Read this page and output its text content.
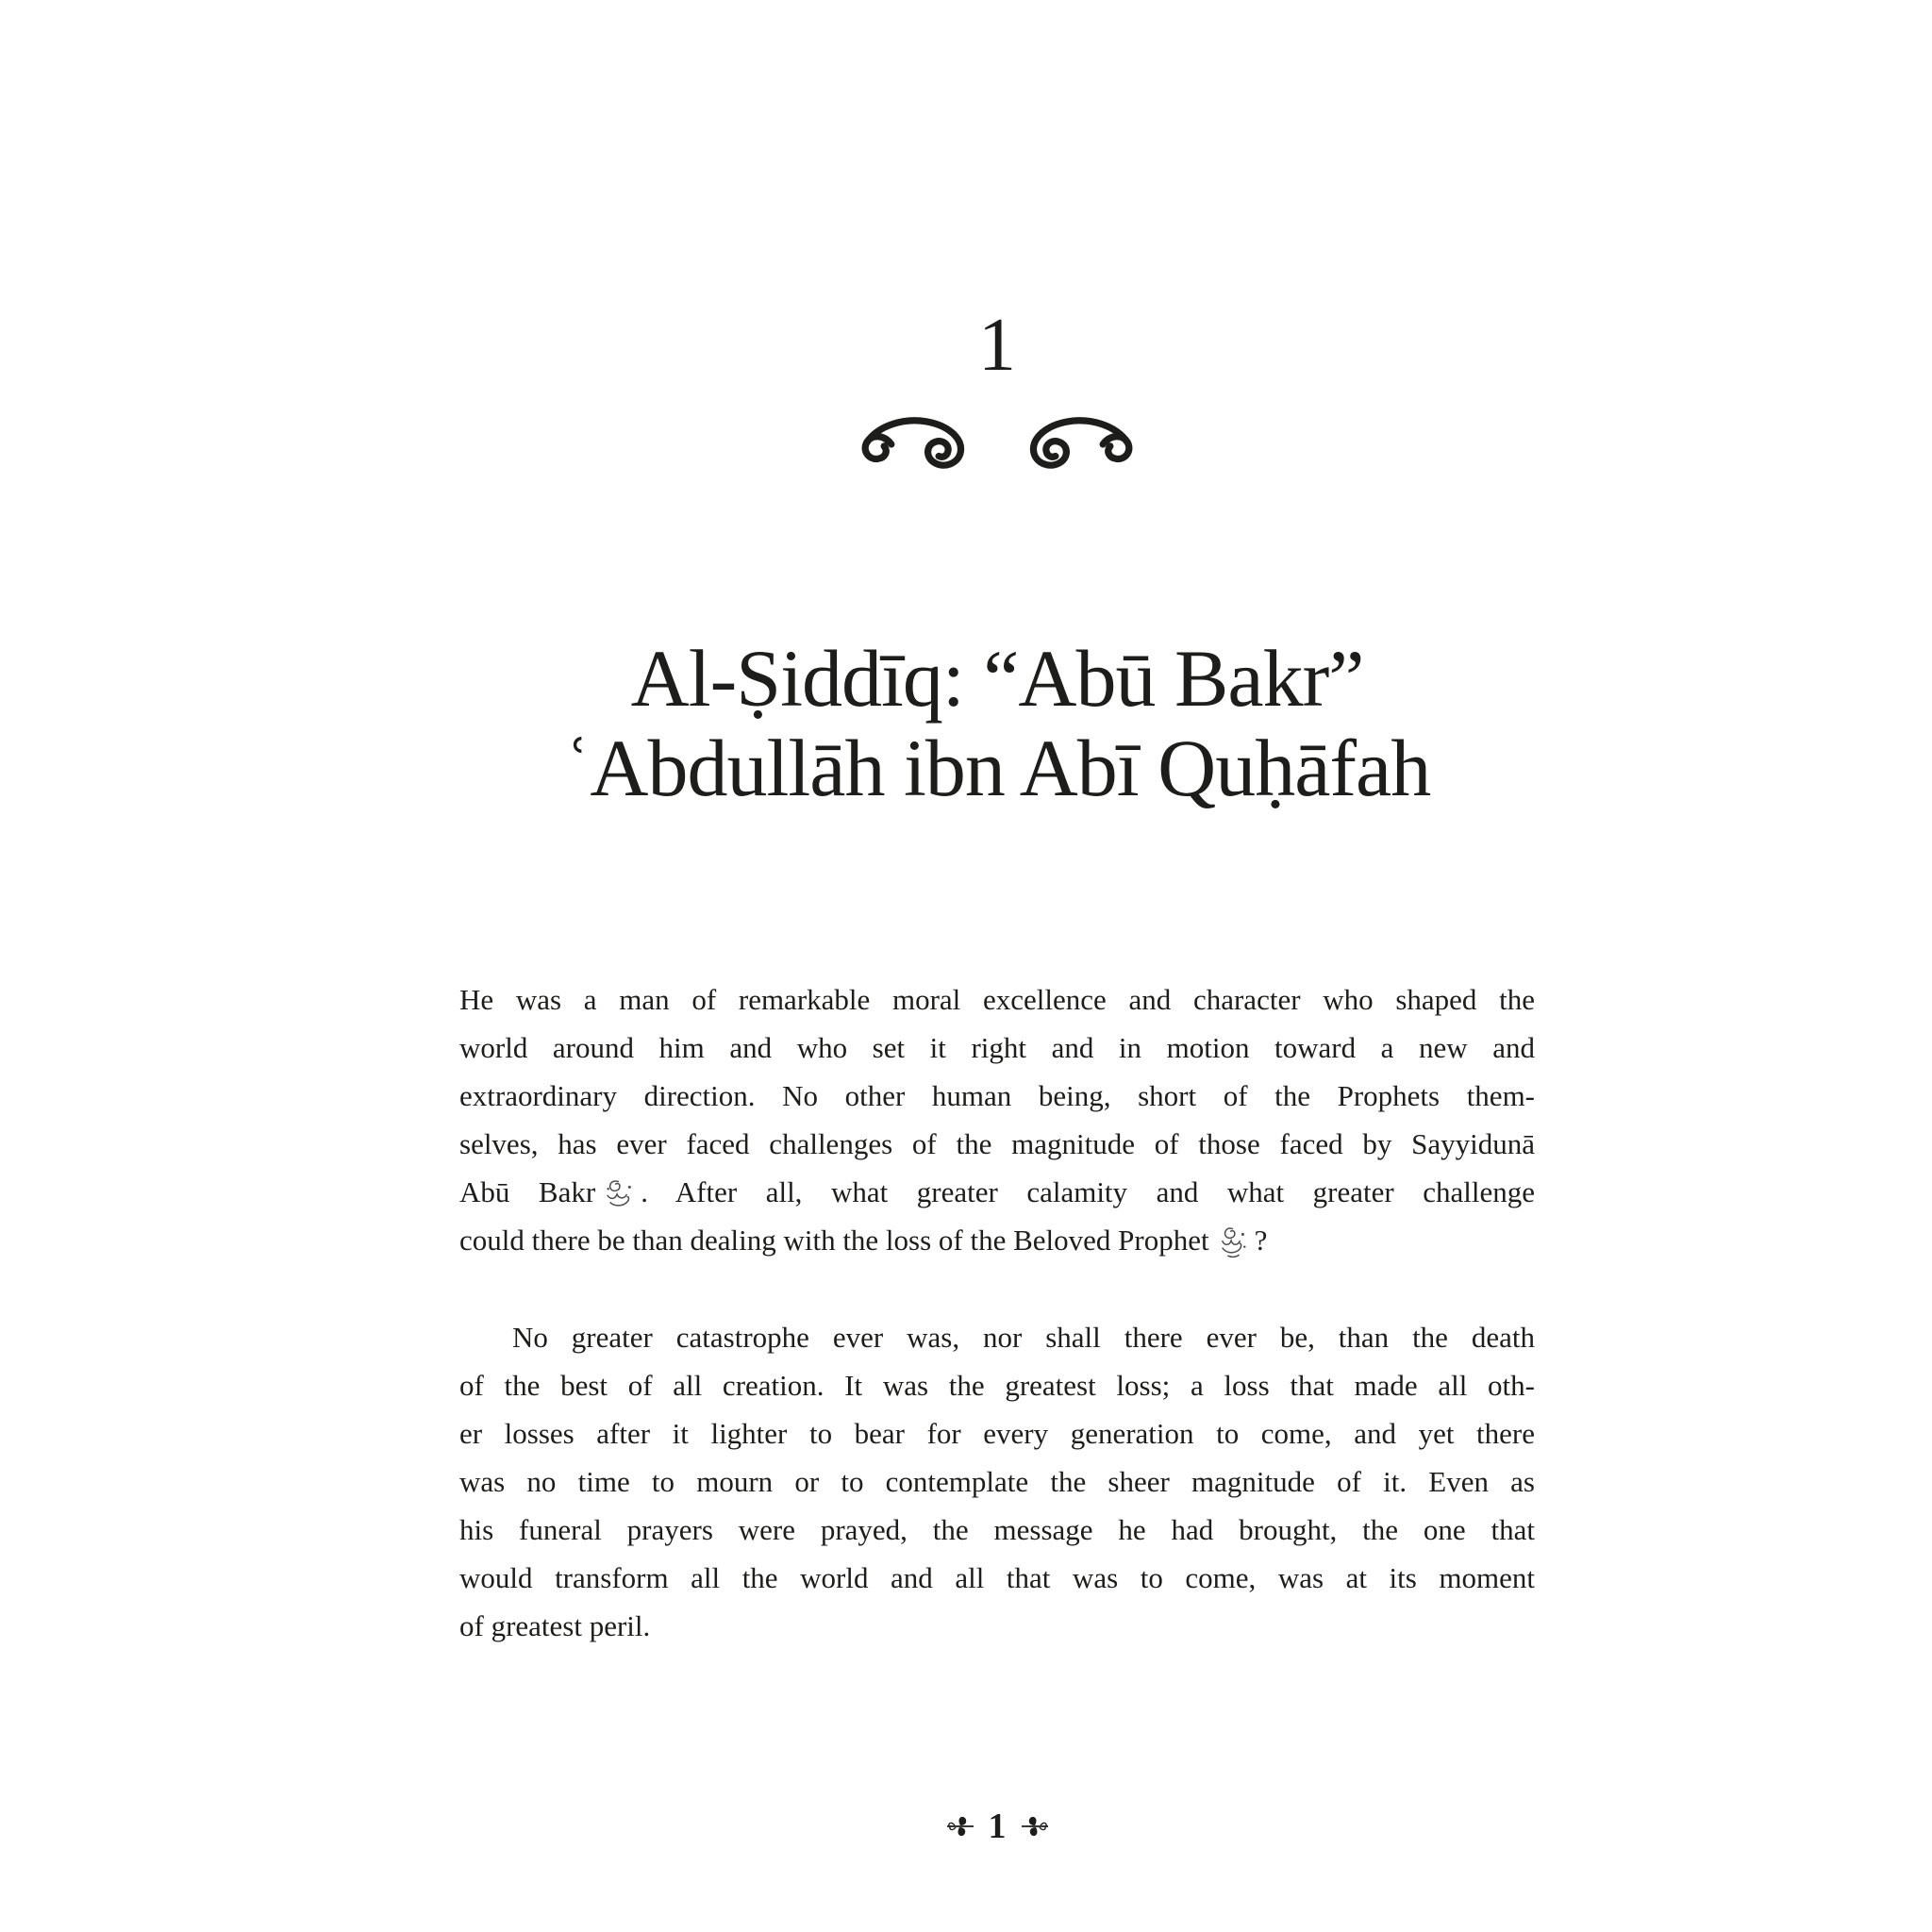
1
Al-Ṣiddīq: “Abū Bakr”
ʿAbdullāh ibn Abī Quḥāfah
He was a man of remarkable moral excellence and character who shaped the
world around him and who set it right and in motion toward a new and
extraordinary direction. No other human being, short of the Prophets them-
selves, has ever faced challenges of the magnitude of those faced by Sayyidunā
Abū Bakr . After all, what greater calamity and what greater challenge
could there be than dealing with the loss of the Beloved Prophet ?
No greater catastrophe ever was, nor shall there ever be, than the death
of the best of all creation. It was the greatest loss; a loss that made all oth-
er losses after it lighter to bear for every generation to come, and yet there
was no time to mourn or to contemplate the sheer magnitude of it. Even as
his funeral prayers were prayed, the message he had brought, the one that
would transform all the world and all that was to come, was at its moment
of greatest peril.
1
